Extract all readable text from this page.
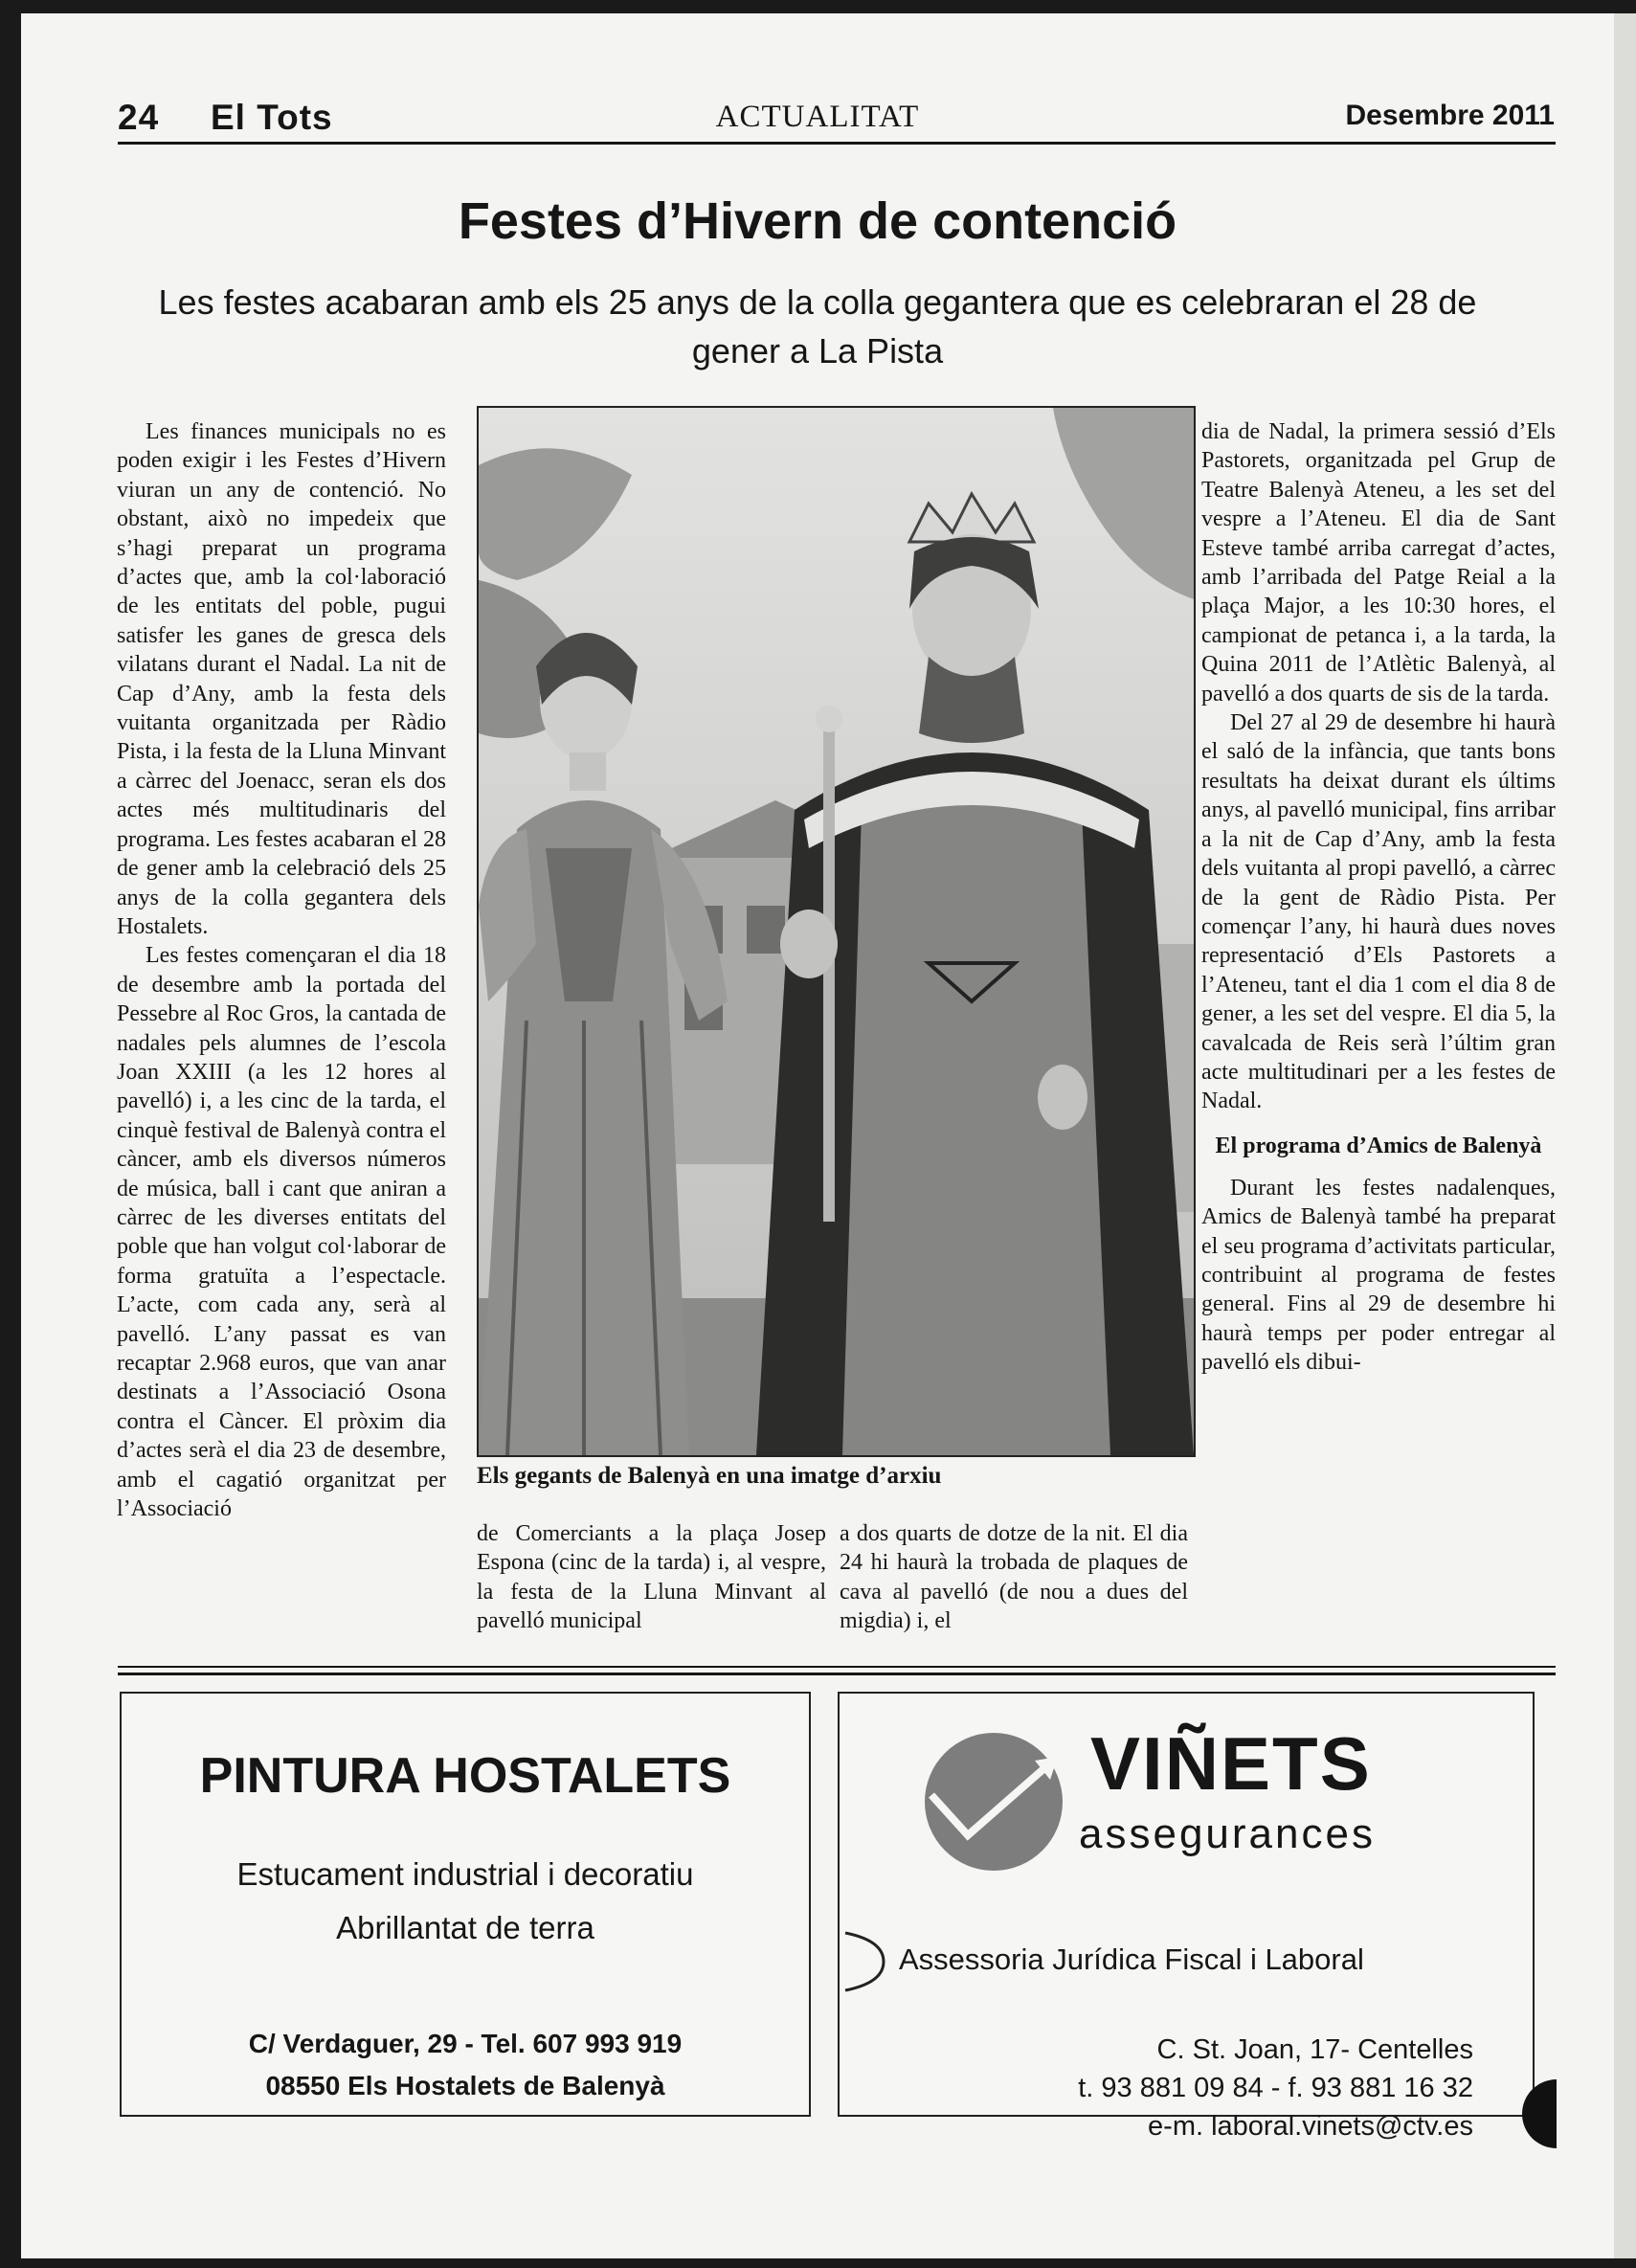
24 El Tots	ACTUALITAT	Desembre 2011
Festes d’Hivern de contenció
Les festes acabaran amb els 25 anys de la colla gegantera que es celebraran el 28 de gener a La Pista

Les finances municipals no es poden exigir i les Festes d’Hivern viuran un any de contenció. No obstant, això no impedeix que s’hagi preparat un programa d’actes que, amb la col·laboració de les entitats del poble, pugui satisfer les ganes de gresca dels vilatans durant el Nadal. La nit de Cap d’Any, amb la festa dels vuitanta organitzada per Ràdio Pista, i la festa de la Lluna Minvant a càrrec del Joenacc, seran els dos actes més multitudinaris del programa. Les festes acabaran el 28 de gener amb la celebració dels 25 anys de la colla gegantera dels Hostalets.

Les festes començaran el dia 18 de desembre amb la portada del Pessebre al Roc Gros, la cantada de nadales pels alumnes de l’escola Joan XXIII (a les 12 hores al pavelló) i, a les cinc de la tarda, el cinquè festival de Balenyà contra el càncer, amb els diversos números de música, ball i cant que aniran a càrrec de les diverses entitats del poble que han volgut col·laborar de forma gratuïta a l’espectacle. L’acte, com cada any, serà al pavelló. L’any passat es van recaptar 2.968 euros, que van anar destinats a l’Associació Osona contra el Càncer. El pròxim dia d’actes serà el dia 23 de desembre, amb el cagatió organitzat per l’Associació

Els gegants de Balenyà en una imatge d’arxiu

de Comerciants a la plaça Josep Espona (cinc de la tarda) i, al vespre, la festa de la Lluna Minvant al pavelló municipal

a dos quarts de dotze de la nit. El dia 24 hi haurà la trobada de plaques de cava al pavelló (de nou a dues del migdia) i, el

dia de Nadal, la primera sessió d’Els Pastorets, organitzada pel Grup de Teatre Balenyà Ateneu, a les set del vespre a l’Ateneu. El dia de Sant Esteve també arriba carregat d’actes, amb l’arribada del Patge Reial a la plaça Major, a les 10:30 hores, el campionat de petanca i, a la tarda, la Quina 2011 de l’Atlètic Balenyà, al pavelló a dos quarts de sis de la tarda.

Del 27 al 29 de desembre hi haurà el saló de la infància, que tants bons resultats ha deixat durant els últims anys, al pavelló municipal, fins arribar a la nit de Cap d’Any, amb la festa dels vuitanta al propi pavelló, a càrrec de la gent de Ràdio Pista. Per començar l’any, hi haurà dues noves representació d’Els Pastorets a l’Ateneu, tant el dia 1 com el dia 8 de gener, a les set del vespre. El dia 5, la cavalcada de Reis serà l’últim gran acte multitudinari per a les festes de Nadal.

El programa d’Amics de Balenyà

Durant les festes nadalenques, Amics de Balenyà també ha preparat el seu programa d’activitats particular, contribuint al programa de festes general. Fins al 29 de desembre hi haurà temps per poder entregar al pavelló els dibui-

PINTURA HOSTALETS
Estucament industrial i decoratiu
Abrillantat de terra
C/ Verdaguer, 29 - Tel. 607 993 919
08550 Els Hostalets de Balenyà
VIÑETS
assegurances
Assessoria Jurídica Fiscal i Laboral
C. St. Joan, 17- Centelles
t. 93 881 09 84 - f. 93 881 16 32
e-m. laboral.vinets@ctv.es
